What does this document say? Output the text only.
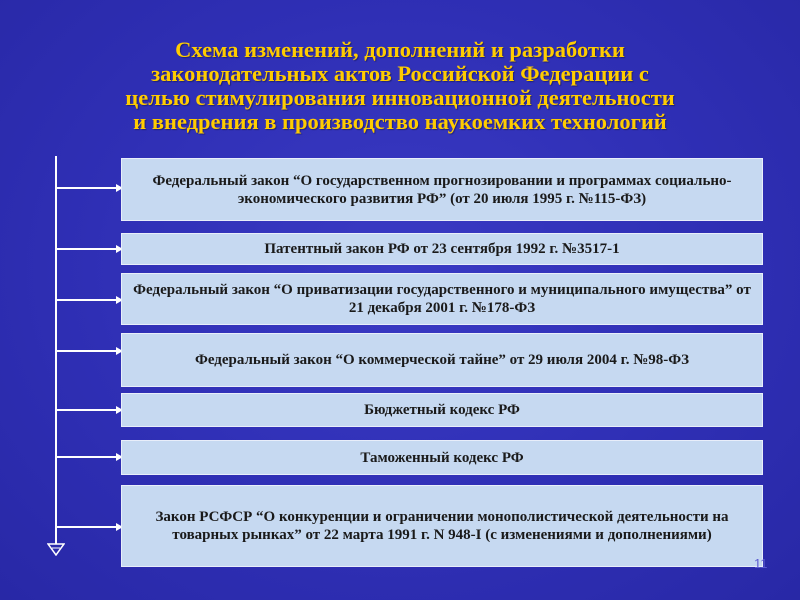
Схема изменений, дополнений и разработки
законодательных актов Российской Федерации с
целью стимулирования инновационной деятельности
и внедрения в производство наукоемких технологий
Федеральный закон “О государственном прогнозировании и программах социально-экономического развития РФ” (от 20 июля 1995 г. №115-ФЗ)
Патентный закон РФ от 23 сентября 1992 г. №3517-1
Федеральный закон “О приватизации государственного и муниципального имущества” от 21 декабря 2001 г. №178-ФЗ
Федеральный закон “О коммерческой тайне” от 29 июля 2004 г. №98-ФЗ
Бюджетный кодекс РФ
Таможенный кодекс РФ
Закон РСФСР “О конкуренции и ограничении монополистической деятельности на товарных рынках” от 22 марта 1991 г. N 948-I (с изменениями и дополнениями)
11
